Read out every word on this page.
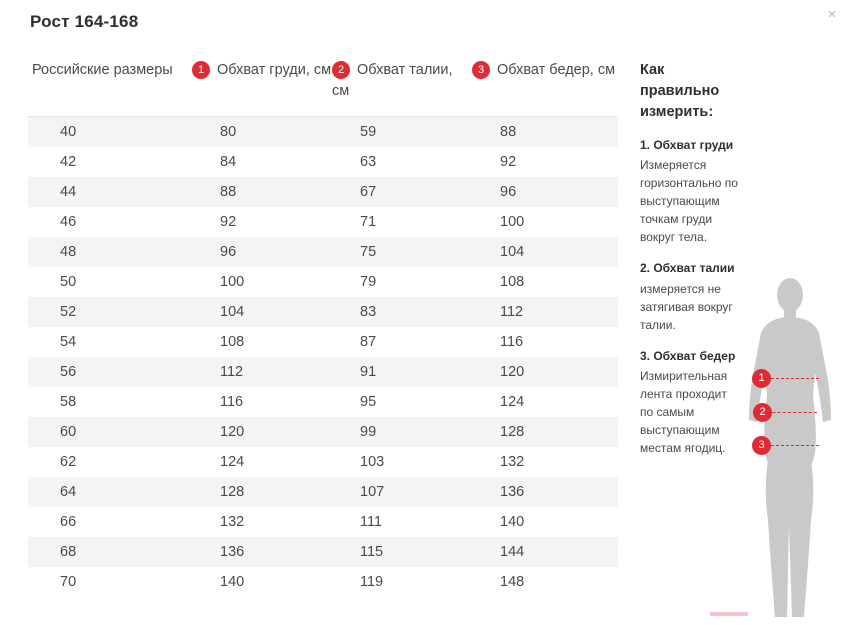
×
Рост 164-168
Российские размеры	1 Обхват груди, см	2 Обхват талии, см	3 Обхват бедер, см

40	80	59	88
42	84	63	92
44	88	67	96
46	92	71	100
48	96	75	104
50	100	79	108
52	104	83	112
54	108	87	116
56	112	91	120
58	116	95	124
60	120	99	128
62	124	103	132
64	128	107	136
66	132	111	140
68	136	115	144
70	140	119	148
Как правильно измерить:
1. Обхват груди
Измеряется горизонтально по выступающим точкам груди вокруг тела.
2. Обхват талии
измеряется не затягивая вокруг талии.
3. Обхват бедер
Измирительная лента проходит по самым выступающим местам ягодиц.
1
2
3
